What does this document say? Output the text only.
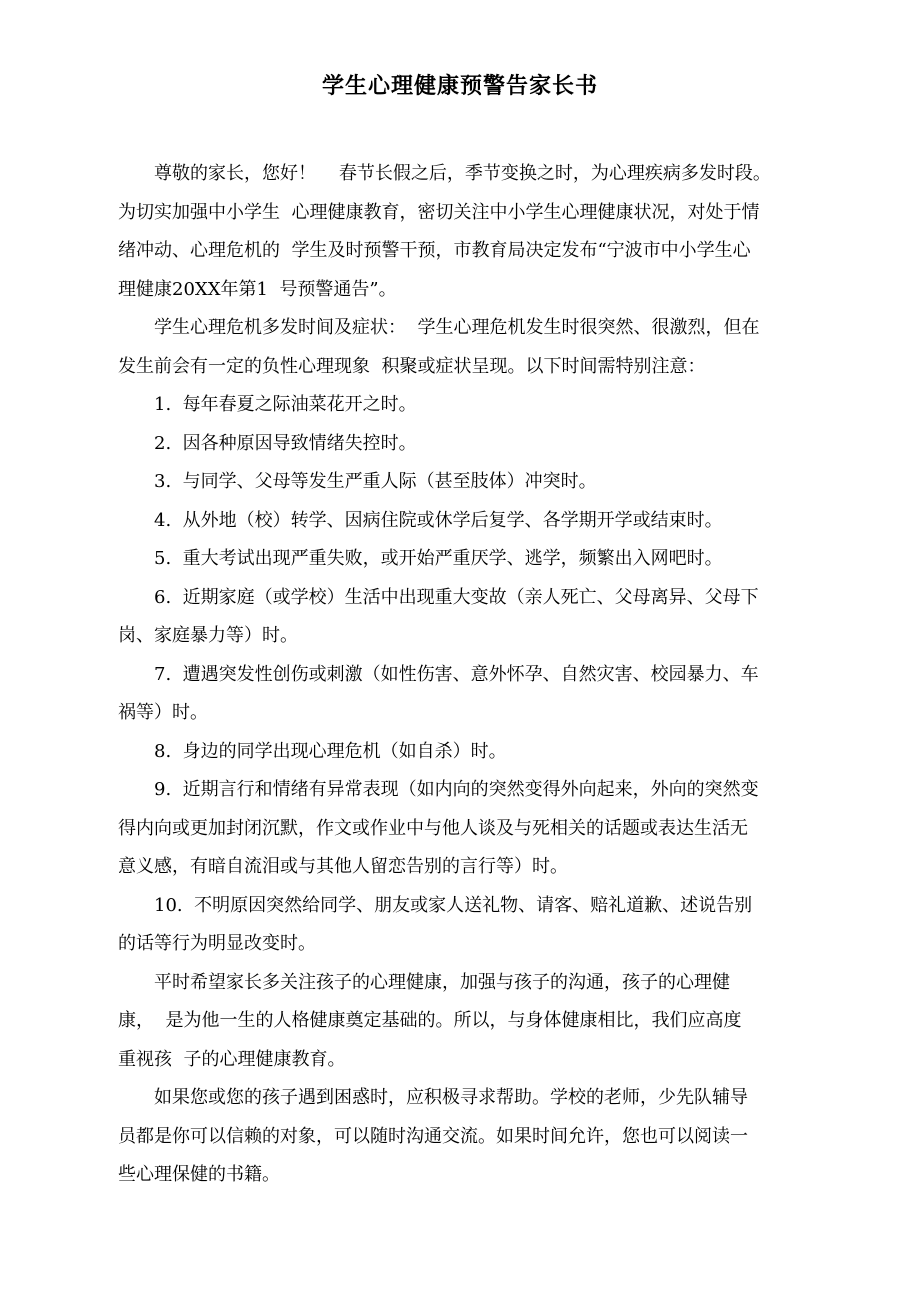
学生心理健康预警告家长书
尊敬的家长，您好！    春节长假之后，季节变换之时，为心理疾病多发时段。
为切实加强中小学生  心理健康教育，密切关注中小学生心理健康状况，对处于情
绪冲动、心理危机的  学生及时预警干预，市教育局决定发布“宁波市中小学生心
理健康20XX年第1  号预警通告”。
学生心理危机多发时间及症状：  学生心理危机发生时很突然、很激烈，但在
发生前会有一定的负性心理现象  积聚或症状呈现。以下时间需特别注意：
1.  每年春夏之际油菜花开之时。
2.  因各种原因导致情绪失控时。
3.  与同学、父母等发生严重人际（甚至肢体）冲突时。
4.  从外地（校）转学、因病住院或休学后复学、各学期开学或结束时。
5.  重大考试出现严重失败，或开始严重厌学、逃学，频繁出入网吧时。
6.  近期家庭（或学校）生活中出现重大变故（亲人死亡、父母离异、父母下
岗、家庭暴力等）时。
7.  遭遇突发性创伤或刺激（如性伤害、意外怀孕、自然灾害、校园暴力、车
祸等）时。
8.  身边的同学出现心理危机（如自杀）时。
9.  近期言行和情绪有异常表现（如内向的突然变得外向起来，外向的突然变
得内向或更加封闭沉默，作文或作业中与他人谈及与死相关的话题或表达生活无
意义感，有暗自流泪或与其他人留恋告别的言行等）时。
10.  不明原因突然给同学、朋友或家人送礼物、请客、赔礼道歉、述说告别
的话等行为明显改变时。
平时希望家长多关注孩子的心理健康，加强与孩子的沟通，孩子的心理健
康，  是为他一生的人格健康奠定基础的。所以，与身体健康相比，我们应高度
重视孩  子的心理健康教育。
如果您或您的孩子遇到困惑时，应积极寻求帮助。学校的老师，少先队辅导
员都是你可以信赖的对象，可以随时沟通交流。如果时间允许，您也可以阅读一
些心理保健的书籍。
